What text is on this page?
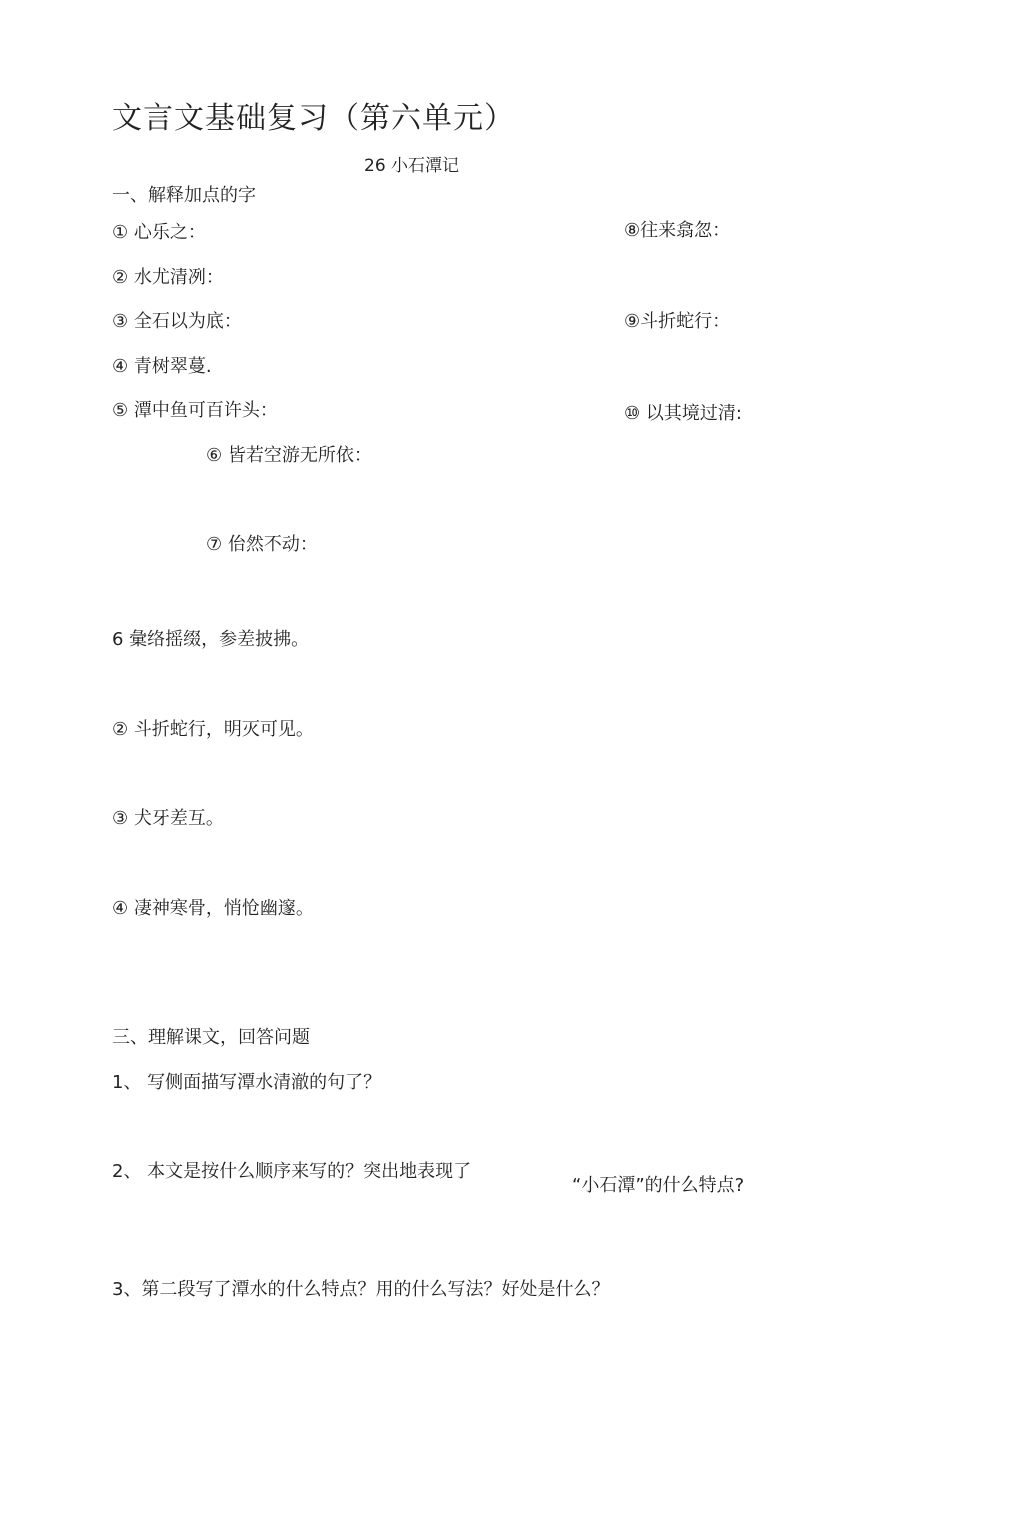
文言文基础复习（第六单元）
26 小石潭记
一、解释加点的字
① 心乐之：
② 水尤清冽：
③ 全石以为底：
④ 青树翠蔓.
⑤ 潭中鱼可百许头：
⑥ 皆若空游无所依：
⑦ 佁然不动：
⑧往来翕忽：
⑨斗折蛇行：
⑩ 以其境过清:
6 彙络摇缀，参差披拂。
② 斗折蛇行，明灭可见。
③ 犬牙差互。
④ 凄神寒骨，悄怆幽邃。
三、理解课文，回答问题
1、 写侧面描写潭水清澈的句了？
2、 本文是按什么顺序来写的？突出地表现了
“小石潭”的什么特点?
3、第二段写了潭水的什么特点？用的什么写法？好处是什么？
